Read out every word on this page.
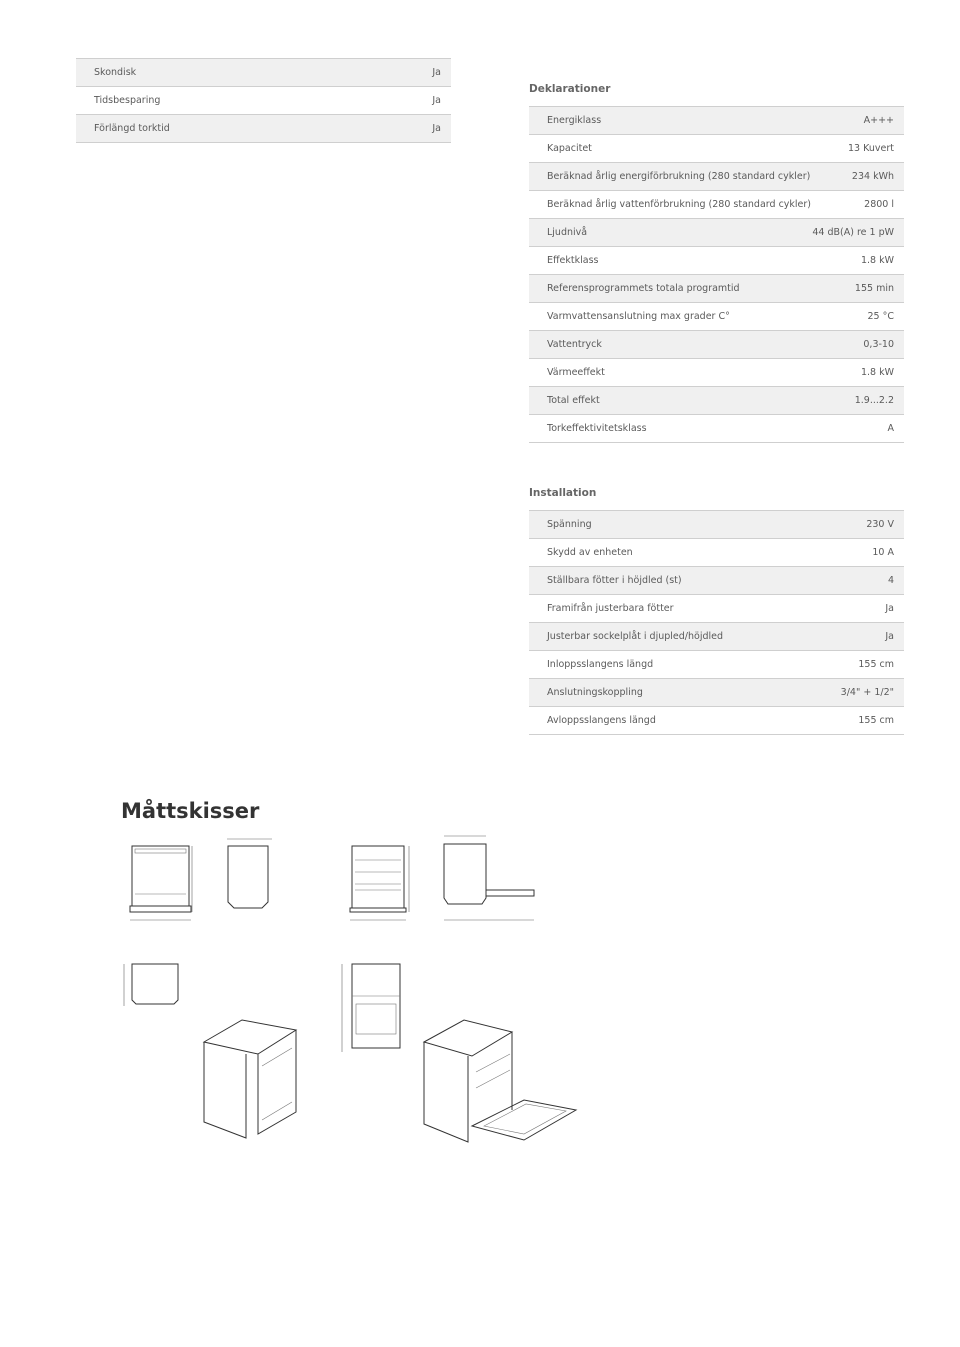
Skondisk	Ja
Tidsbesparing	Ja
Förlängd torktid	Ja
Deklarationer
Energiklass	A+++
Kapacitet	13 Kuvert
Beräknad årlig energiförbrukning (280 standard cykler)	234 kWh
Beräknad årlig vattenförbrukning (280 standard cykler)	2800 l
Ljudnivå	44 dB(A) re 1 pW
Effektklass	1.8 kW
Referensprogrammets totala programtid	155 min
Varmvattensanslutning max grader C°	25 °C
Vattentryck	0,3-10
Värmeeffekt	1.8 kW
Total effekt	1.9...2.2
Torkeffektivitetsklass	A
Installation
Spänning	230 V
Skydd av enheten	10 A
Ställbara fötter i höjdled (st)	4
Framifrån justerbara fötter	Ja
Justerbar sockelplåt i djupled/höjdled	Ja
Inloppsslangens längd	155 cm
Anslutningskoppling	3/4" + 1/2"
Avloppsslangens längd	155 cm
Måttskisser
